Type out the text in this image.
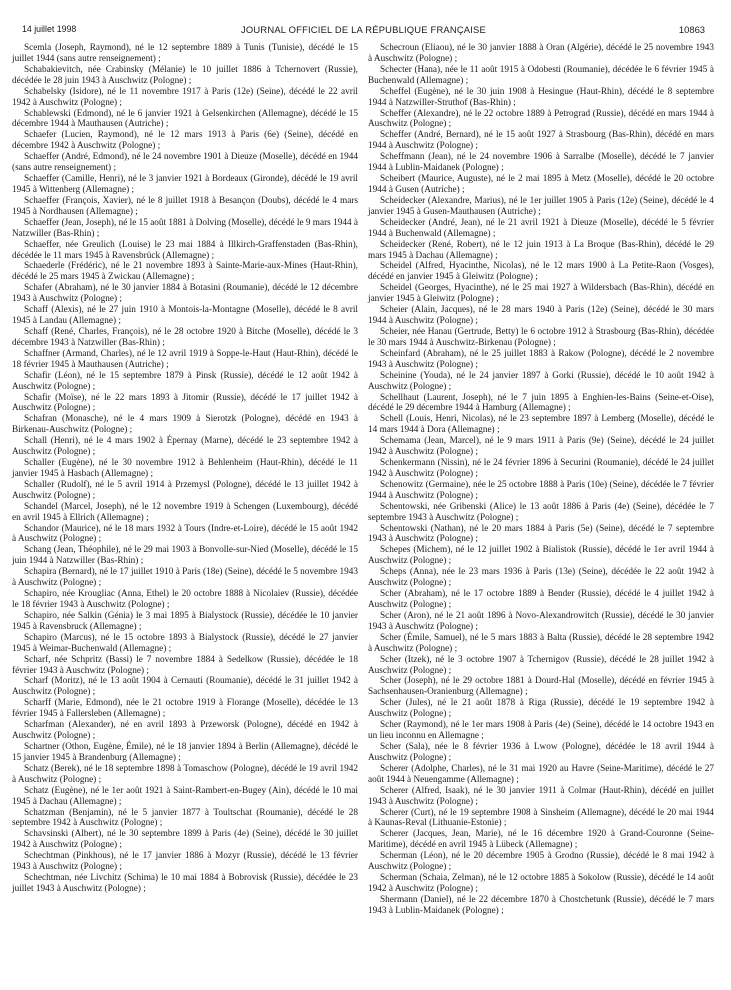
14 juillet 1998	JOURNAL OFFICIEL DE LA RÉPUBLIQUE FRANÇAISE	10863

Scemla (Joseph, Raymond), né le 12 septembre 1889 à Tunis (Tunisie), décédé le 15 juillet 1944 (sans autre renseignement) ;

Schabakievitch, née Crabinsky (Mélanie) le 10 juillet 1886 à Tchernovert (Russie), décédée le 28 juin 1943 à Auschwitz (Pologne) ;

Schabelsky (Isidore), né le 11 novembre 1917 à Paris (12e) (Seine), décédé le 22 avril 1942 à Auschwitz (Pologne) ;

Schablewski (Edmond), né le 6 janvier 1921 à Gelsenkirchen (Allemagne), décédé le 15 décembre 1944 à Mauthausen (Autriche) ;

Schaefer (Lucien, Raymond), né le 12 mars 1913 à Paris (6e) (Seine), décédé en décembre 1942 à Auschwitz (Pologne) ;

Schaeffer (André, Edmond), né le 24 novembre 1901 à Dieuze (Moselle), décédé en 1944 (sans autre renseignement) ;

Schaeffer (Camille, Henri), né le 3 janvier 1921 à Bordeaux (Gironde), décédé le 19 avril 1945 à Wittenberg (Allemagne) ;

Schaeffer (François, Xavier), né le 8 juillet 1918 à Besançon (Doubs), décédé le 4 mars 1945 à Nordhausen (Allemagne) ;

Schaeffer (Jean, Joseph), né le 15 août 1881 à Dolving (Moselle), décédé le 9 mars 1944 à Natzwiller (Bas-Rhin) ;

Schaeffer, née Greulich (Louise) le 23 mai 1884 à Illkirch-Graffenstaden (Bas-Rhin), décédée le 11 mars 1945 à Ravensbrück (Allemagne) ;

Schaederle (Frédéric), né le 21 novembre 1893 à Sainte-Marie-aux-Mines (Haut-Rhin), décédé le 25 mars 1945 à Zwickau (Allemagne) ;

Schafer (Abraham), né le 30 janvier 1884 à Botasini (Roumanie), décédé le 12 décembre 1943 à Auschwitz (Pologne) ;

Schaff (Alexis), né le 27 juin 1910 à Montois-la-Montagne (Moselle), décédé le 8 avril 1945 à Landau (Allemagne) ;

Schaff (René, Charles, François), né le 28 octobre 1920 à Bitche (Moselle), décédé le 3 décembre 1943 à Natzwiller (Bas-Rhin) ;

Schaffner (Armand, Charles), né le 12 avril 1919 à Soppe-le-Haut (Haut-Rhin), décédé le 18 février 1945 à Mauthausen (Autriche) ;

Schafir (Léon), né le 15 septembre 1879 à Pinsk (Russie), décédé le 12 août 1942 à Auschwitz (Pologne) ;

Schafir (Moïse), né le 22 mars 1893 à Jitomir (Russie), décédé le 17 juillet 1942 à Auschwitz (Pologne) ;

Schafran (Monasche), né le 4 mars 1909 à Sierotzk (Pologne), décédé en 1943 à Birkenau-Auschwitz (Pologne) ;

Schall (Henri), né le 4 mars 1902 à Épernay (Marne), décédé le 23 septembre 1942 à Auschwitz (Pologne) ;

Schaller (Eugène), né le 30 novembre 1912 à Behlenheim (Haut-Rhin), décédé le 11 janvier 1945 à Hasbach (Allemagne) ;

Schaller (Rudolf), né le 5 avril 1914 à Przemysl (Pologne), décédé le 13 juillet 1942 à Auschwitz (Pologne) ;

Schandel (Marcel, Joseph), né le 12 novembre 1919 à Schengen (Luxembourg), décédé en avril 1945 à Ellrich (Allemagne) ;

Schandor (Maurice), né le 18 mars 1932 à Tours (Indre-et-Loire), décédé le 15 août 1942 à Auschwitz (Pologne) ;

Schang (Jean, Théophile), né le 29 mai 1903 à Bonvolle-sur-Nied (Moselle), décédé le 15 juin 1944 à Natzwiller (Bas-Rhin) ;

Schapira (Bernard), né le 17 juillet 1910 à Paris (18e) (Seine), décédé le 5 novembre 1943 à Auschwitz (Pologne) ;

Schapiro, née Krougliac (Anna, Ethel) le 20 octobre 1888 à Nicolaiev (Russie), décédée le 18 février 1943 à Auschwitz (Pologne) ;

Schapiro, née Salkin (Génia) le 3 mai 1895 à Bialystock (Russie), décédée le 10 janvier 1945 à Ravensbruck (Allemagne) ;

Schapiro (Marcus), né le 15 octobre 1893 à Bialystock (Russie), décédé le 27 janvier 1945 à Weimar-Buchenwald (Allemagne) ;

Scharf, née Schpritz (Bassi) le 7 novembre 1884 à Sedelkow (Russie), décédée le 18 février 1943 à Auschwitz (Pologne) ;

Scharf (Moritz), né le 13 août 1904 à Cernauti (Roumanie), décédé le 31 juillet 1942 à Auschwitz (Pologne) ;

Scharff (Marie, Edmond), née le 21 octobre 1919 à Florange (Moselle), décédée le 13 février 1945 à Fallersleben (Allemagne) ;

Scharfman (Alexander), né en avril 1893 à Przeworsk (Pologne), décédé en 1942 à Auschwitz (Pologne) ;

Schartner (Othon, Eugène, Émile), né le 18 janvier 1894 à Berlin (Allemagne), décédé le 15 janvier 1945 à Brandenburg (Allemagne) ;

Schatz (Berek), né le 18 septembre 1898 à Tomaschow (Pologne), décédé le 19 avril 1942 à Auschwitz (Pologne) ;

Schatz (Eugène), né le 1er août 1921 à Saint-Rambert-en-Bugey (Ain), décédé le 10 mai 1945 à Dachau (Allemagne) ;

Schatzman (Benjamin), né le 5 janvier 1877 à Toultschat (Roumanie), décédé le 28 septembre 1942 à Auschwitz (Pologne) ;

Schavsinski (Albert), né le 30 septembre 1899 à Paris (4e) (Seine), décédé le 30 juillet 1942 à Auschwitz (Pologne) ;

Schechtman (Pinkhous), né le 17 janvier 1886 à Mozyr (Russie), décédé le 13 février 1943 à Auschwitz (Pologne) ;

Schechtman, née Livchitz (Schima) le 10 mai 1884 à Bobrovisk (Russie), décédée le 23 juillet 1943 à Auschwitz (Pologne) ;

Schecroun (Eliaou), né le 30 janvier 1888 à Oran (Algérie), décédé le 25 novembre 1943 à Auschwitz (Pologne) ;

Schecter (Hana), née le 11 août 1915 à Odobesti (Roumanie), décédée le 6 février 1945 à Buchenwald (Allemagne) ;

Scheffel (Eugène), né le 30 juin 1908 à Hesingue (Haut-Rhin), décédé le 8 septembre 1944 à Natzwiller-Struthof (Bas-Rhin) ;

Scheffer (Alexandre), né le 22 octobre 1889 à Petrograd (Russie), décédé en mars 1944 à Auschwitz (Pologne) ;

Scheffer (André, Bernard), né le 15 août 1927 à Strasbourg (Bas-Rhin), décédé en mars 1944 à Auschwitz (Pologne) ;

Scheffmann (Jean), né le 24 novembre 1906 à Sarralbe (Moselle), décédé le 7 janvier 1944 à Lublin-Maidanek (Pologne) ;

Scheibert (Maurice, Auguste), né le 2 mai 1895 à Metz (Moselle), décédé le 20 octobre 1944 à Gusen (Autriche) ;

Scheidecker (Alexandre, Marius), né le 1er juillet 1905 à Paris (12e) (Seine), décédé le 4 janvier 1945 à Gusen-Mauthausen (Autriche) ;

Scheidecker (André, Jean), né le 21 avril 1921 à Dieuze (Moselle), décédé le 5 février 1944 à Buchenwald (Allemagne) ;

Scheidecker (René, Robert), né le 12 juin 1913 à La Broque (Bas-Rhin), décédé le 29 mars 1945 à Dachau (Allemagne) ;

Scheidel (Alfred, Hyacinthe, Nicolas), né le 12 mars 1900 à La Petite-Raon (Vosges), décédé en janvier 1945 à Gleiwitz (Pologne) ;

Scheidel (Georges, Hyacinthe), né le 25 mai 1927 à Wildersbach (Bas-Rhin), décédé en janvier 1945 à Gleiwitz (Pologne) ;

Scheier (Alain, Jacques), né le 28 mars 1940 à Paris (12e) (Seine), décédé le 30 mars 1944 à Auschwitz (Pologne) ;

Scheier, née Hanau (Gertrude, Betty) le 6 octobre 1912 à Strasbourg (Bas-Rhin), décédée le 30 mars 1944 à Auschwitz-Birkenau (Pologne) ;

Scheinfard (Abraham), né le 25 juillet 1883 à Rakow (Pologne), décédé le 2 novembre 1943 à Auschwitz (Pologne) ;

Scheinine (Youda), né le 24 janvier 1897 à Gorki (Russie), décédé le 10 août 1942 à Auschwitz (Pologne) ;

Schellhaut (Laurent, Joseph), né le 7 juin 1895 à Enghien-les-Bains (Seine-et-Oise), décédé le 29 décembre 1944 à Hamburg (Allemagne) ;

Schell (Louis, Henri, Nicolas), né le 23 septembre 1897 à Lemberg (Moselle), décédé le 14 mars 1944 à Dora (Allemagne) ;

Schemama (Jean, Marcel), né le 9 mars 1911 à Paris (9e) (Seine), décédé le 24 juillet 1942 à Auschwitz (Pologne) ;

Schenkermann (Nissin), né le 24 février 1896 à Securini (Roumanie), décédé le 24 juillet 1942 à Auschwitz (Pologne) ;

Schenowitz (Germaine), née le 25 octobre 1888 à Paris (10e) (Seine), décédée le 7 février 1944 à Auschwitz (Pologne) ;

Schentowski, née Gribenski (Alice) le 13 août 1886 à Paris (4e) (Seine), décédée le 7 septembre 1943 à Auschwitz (Pologne) ;

Schentowski (Nathan), né le 20 mars 1884 à Paris (5e) (Seine), décédé le 7 septembre 1943 à Auschwitz (Pologne) ;

Schepes (Michem), né le 12 juillet 1902 à Bialistok (Russie), décédé le 1er avril 1944 à Auschwitz (Pologne) ;

Scheps (Anna), née le 23 mars 1936 à Paris (13e) (Seine), décédée le 22 août 1942 à Auschwitz (Pologne) ;

Scher (Abraham), né le 17 octobre 1889 à Bender (Russie), décédé le 4 juillet 1942 à Auschwitz (Pologne) ;

Scher (Aron), né le 21 août 1896 à Novo-Alexandrowitch (Russie), décédé le 30 janvier 1943 à Auschwitz (Pologne) ;

Scher (Émile, Samuel), né le 5 mars 1883 à Balta (Russie), décédé le 28 septembre 1942 à Auschwitz (Pologne) ;

Scher (Itzek), né le 3 octobre 1907 à Tchernigov (Russie), décédé le 28 juillet 1942 à Auschwitz (Pologne) ;

Scher (Joseph), né le 29 octobre 1881 à Dourd-Hal (Moselle), décédé en février 1945 à Sachsenhausen-Oranienburg (Allemagne) ;

Scher (Jules), né le 21 août 1878 à Riga (Russie), décédé le 19 septembre 1942 à Auschwitz (Pologne) ;

Scher (Raymond), né le 1er mars 1908 à Paris (4e) (Seine), décédé le 14 octobre 1943 en un lieu inconnu en Allemagne ;

Scher (Sala), née le 8 février 1936 à Lwow (Pologne), décédée le 18 avril 1944 à Auschwitz (Pologne) ;

Scherer (Adolphe, Charles), né le 31 mai 1920 au Havre (Seine-Maritime), décédé le 27 août 1944 à Neuengamme (Allemagne) ;

Scherer (Alfred, Isaak), né le 30 janvier 1911 à Colmar (Haut-Rhin), décédé en juillet 1943 à Auschwitz (Pologne) ;

Scherer (Curt), né le 19 septembre 1908 à Sinsheim (Allemagne), décédé le 20 mai 1944 à Kaunas-Reval (Lithuanie-Estonie) ;

Scherer (Jacques, Jean, Marie), né le 16 décembre 1920 à Grand-Couronne (Seine-Maritime), décédé en avril 1945 à Lübeck (Allemagne) ;

Scherman (Léon), né le 20 décembre 1905 à Grodno (Russie), décédé le 8 mai 1942 à Auschwitz (Pologne) ;

Scherman (Schaia, Zelman), né le 12 octobre 1885 à Sokolow (Russie), décédé le 14 août 1942 à Auschwitz (Pologne) ;

Shermann (Daniel), né le 22 décembre 1870 à Chostchetunk (Russie), décédé le 7 mars 1943 à Lublin-Maidanek (Pologne) ;
